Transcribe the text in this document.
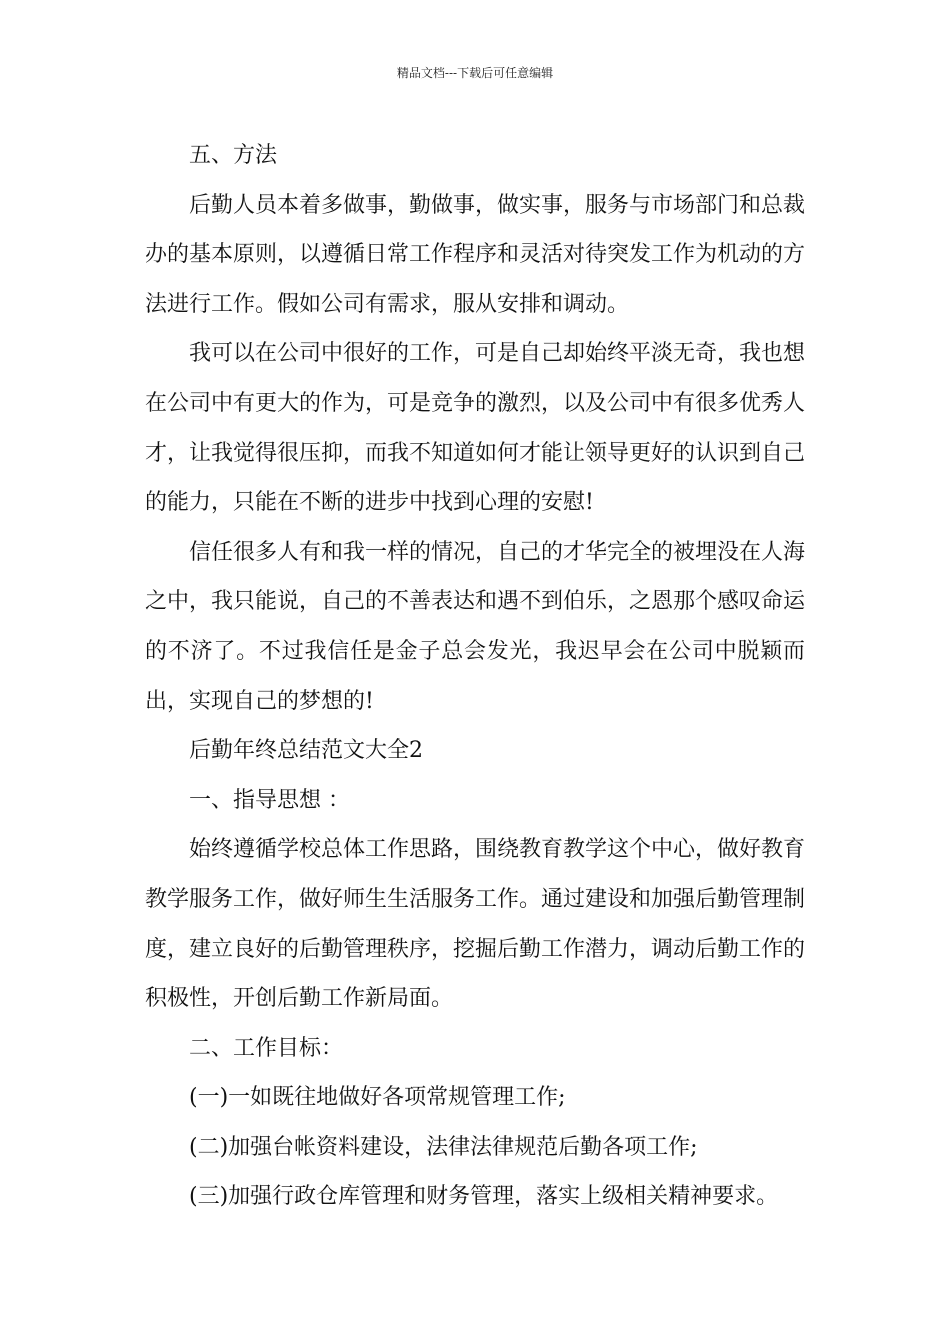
精品文档---下载后可任意编辑

五、方法

后勤人员本着多做事，勤做事，做实事，服务与市场部门和总裁办的基本原则，以遵循日常工作程序和灵活对待突发工作为机动的方法进行工作。假如公司有需求，服从安排和调动。

我可以在公司中很好的工作，可是自己却始终平淡无奇，我也想在公司中有更大的作为，可是竞争的激烈，以及公司中有很多优秀人才，让我觉得很压抑，而我不知道如何才能让领导更好的认识到自己的能力，只能在不断的进步中找到心理的安慰!

信任很多人有和我一样的情况，自己的才华完全的被埋没在人海之中，我只能说，自己的不善表达和遇不到伯乐，之恩那个感叹命运的不济了。不过我信任是金子总会发光，我迟早会在公司中脱颖而出，实现自己的梦想的!

后勤年终总结范文大全2

一、指导思想 ：

始终遵循学校总体工作思路，围绕教育教学这个中心，做好教育教学服务工作，做好师生生活服务工作。通过建设和加强后勤管理制度，建立良好的后勤管理秩序，挖掘后勤工作潜力，调动后勤工作的积极性，开创后勤工作新局面。

二、工作目标：

(一)一如既往地做好各项常规管理工作;

(二)加强台帐资料建设，法律法律规范后勤各项工作;

(三)加强行政仓库管理和财务管理，落实上级相关精神要求。
